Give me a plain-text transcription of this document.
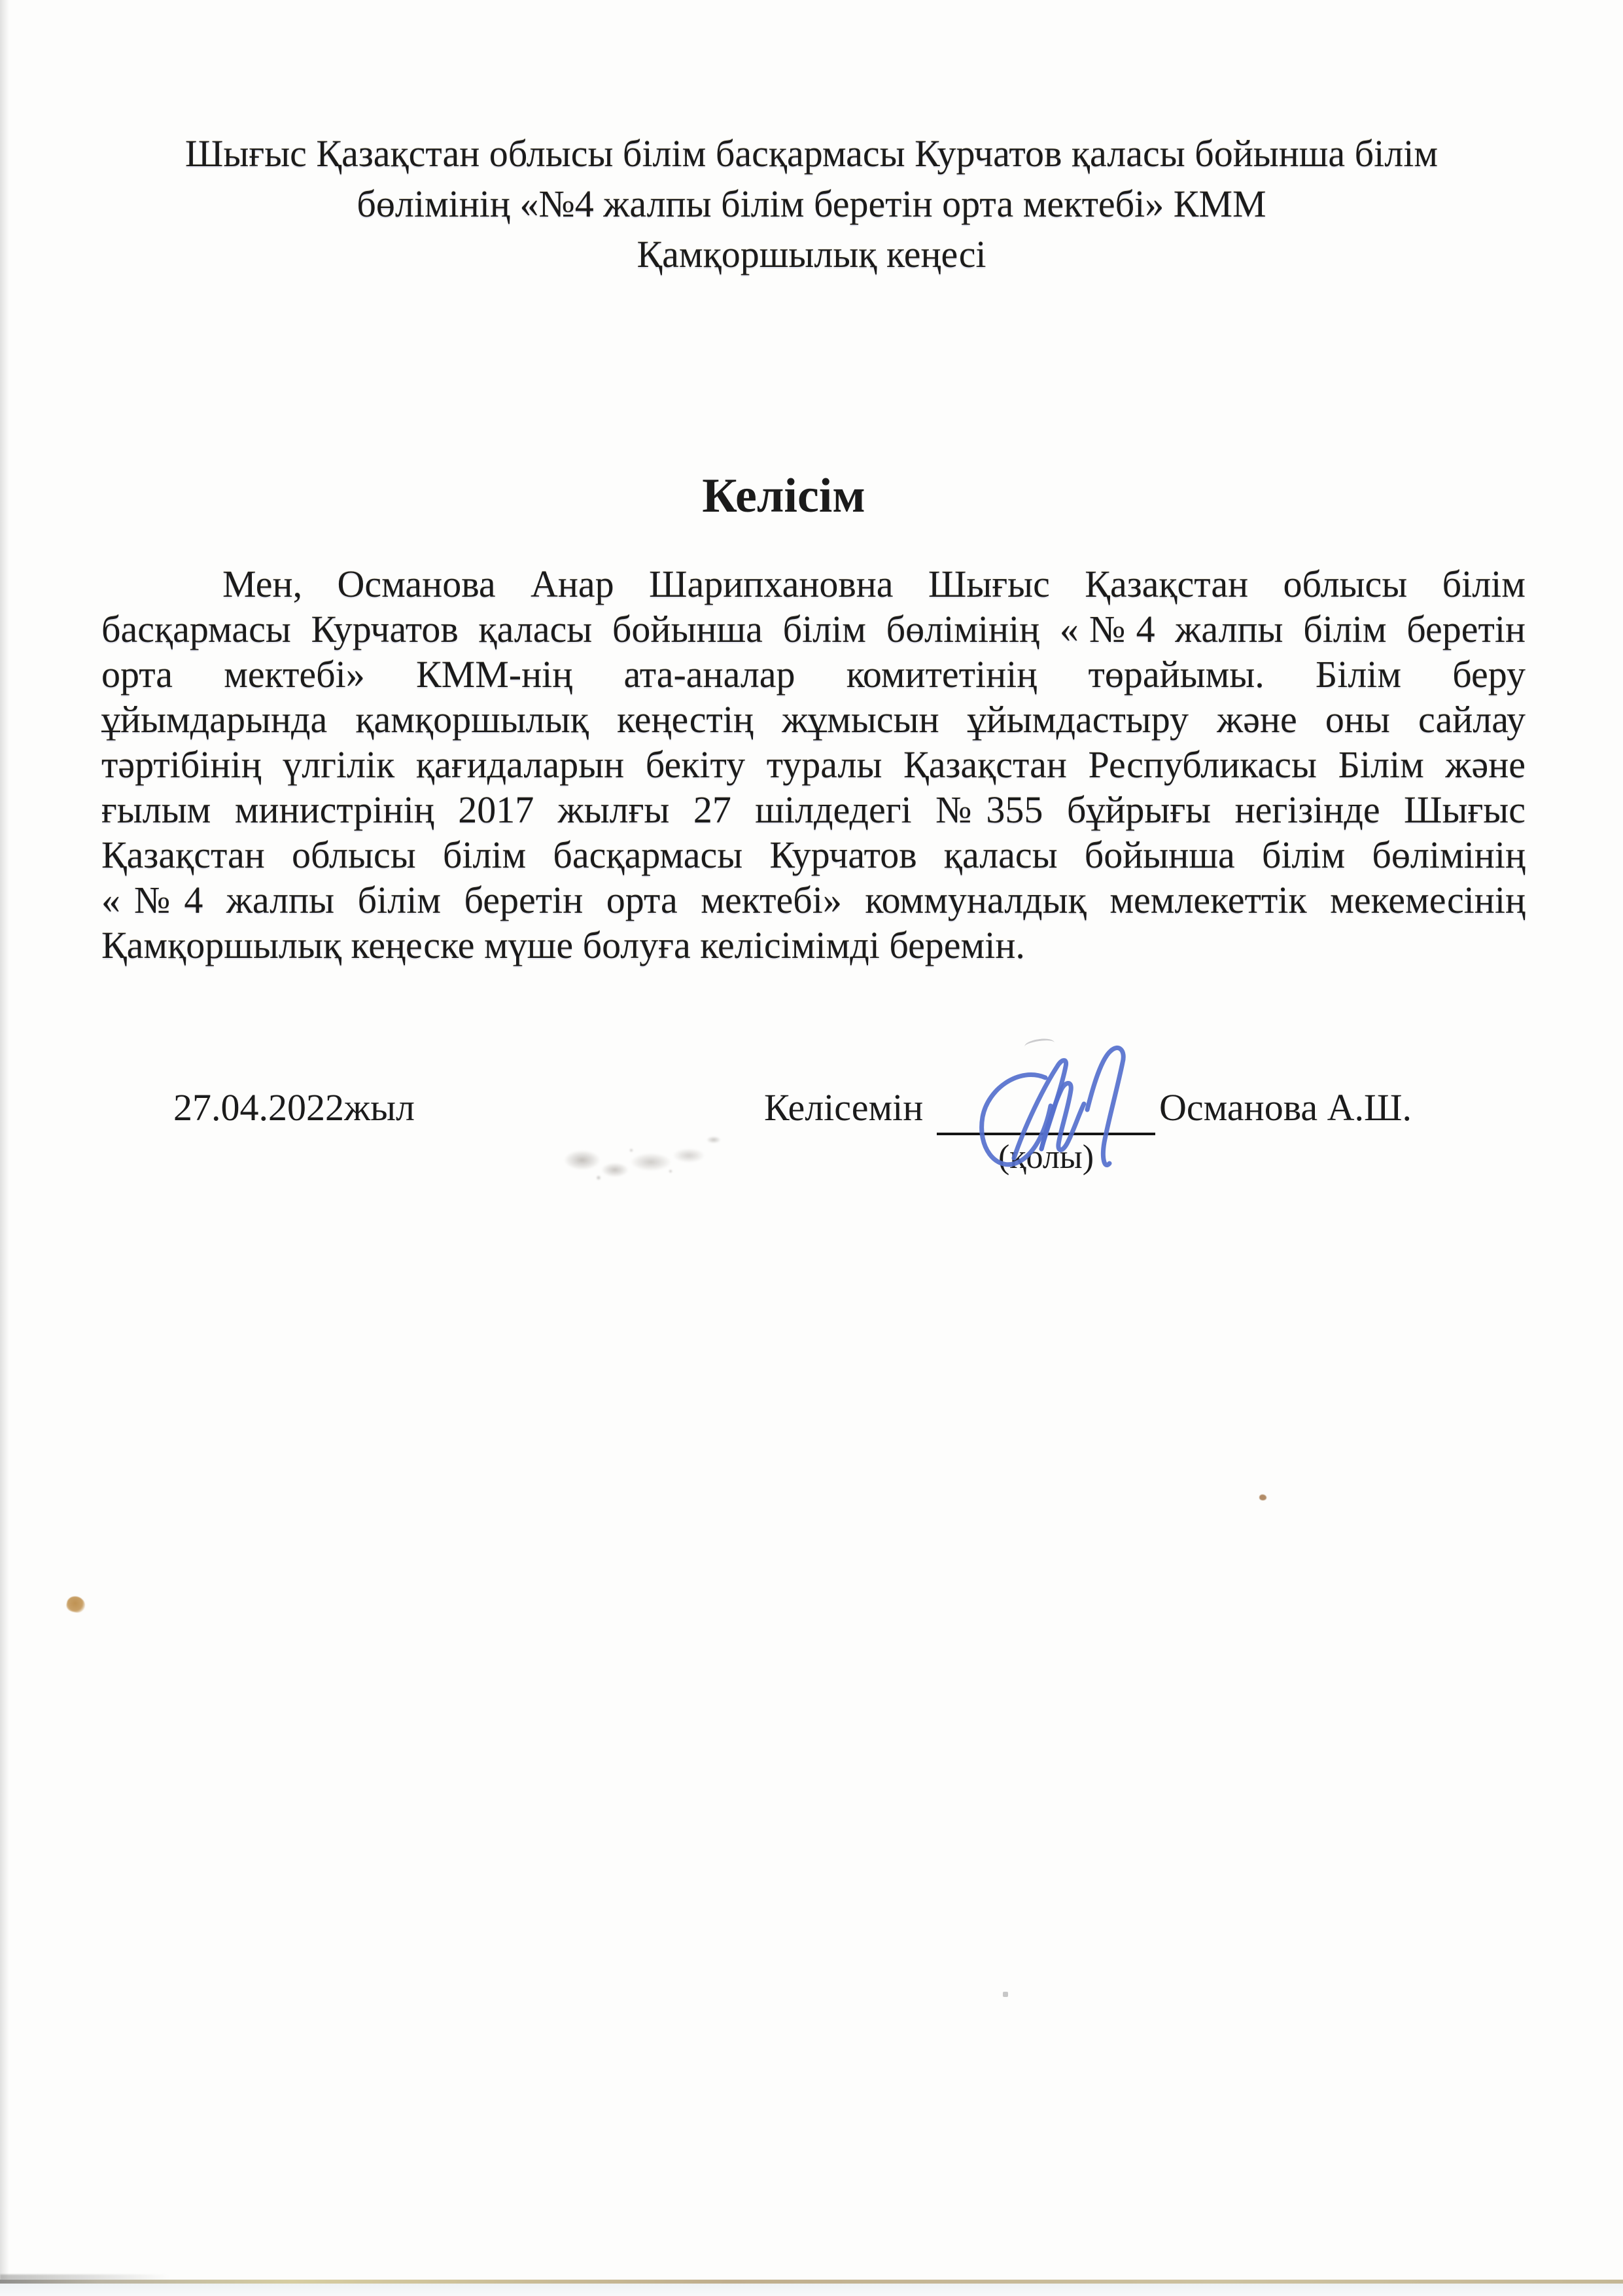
Шығыс Қазақстан облысы білім басқармасы Курчатов қаласы бойынша білім
бөлімінің «№4 жалпы білім беретін орта мектебі» КММ
Қамқоршылық кеңесі
Келісім
Мен, Османова Анар Шарипхановна Шығыс Қазақстан облысы білім
басқармасы Курчатов қаласы бойынша білім бөлімінің «№4 жалпы білім беретін
орта мектебі» КММ-нің ата-аналар комитетінің төрайымы. Білім беру
ұйымдарында қамқоршылық кеңестің жұмысын ұйымдастыру және оны сайлау
тәртібінің үлгілік қағидаларын бекіту туралы Қазақстан Республикасы Білім және
ғылым министрінің 2017 жылғы 27 шілдедегі №355 бұйрығы негізінде Шығыс
Қазақстан облысы білім басқармасы Курчатов қаласы бойынша білім бөлімінің
«№4 жалпы білім беретін орта мектебі» коммуналдық мемлекеттік мекемесінің
Қамқоршылық кеңеске мүше болуға келісімімді беремін.
27.04.2022жыл	Келісемін	Османова А.Ш.
(қолы)
